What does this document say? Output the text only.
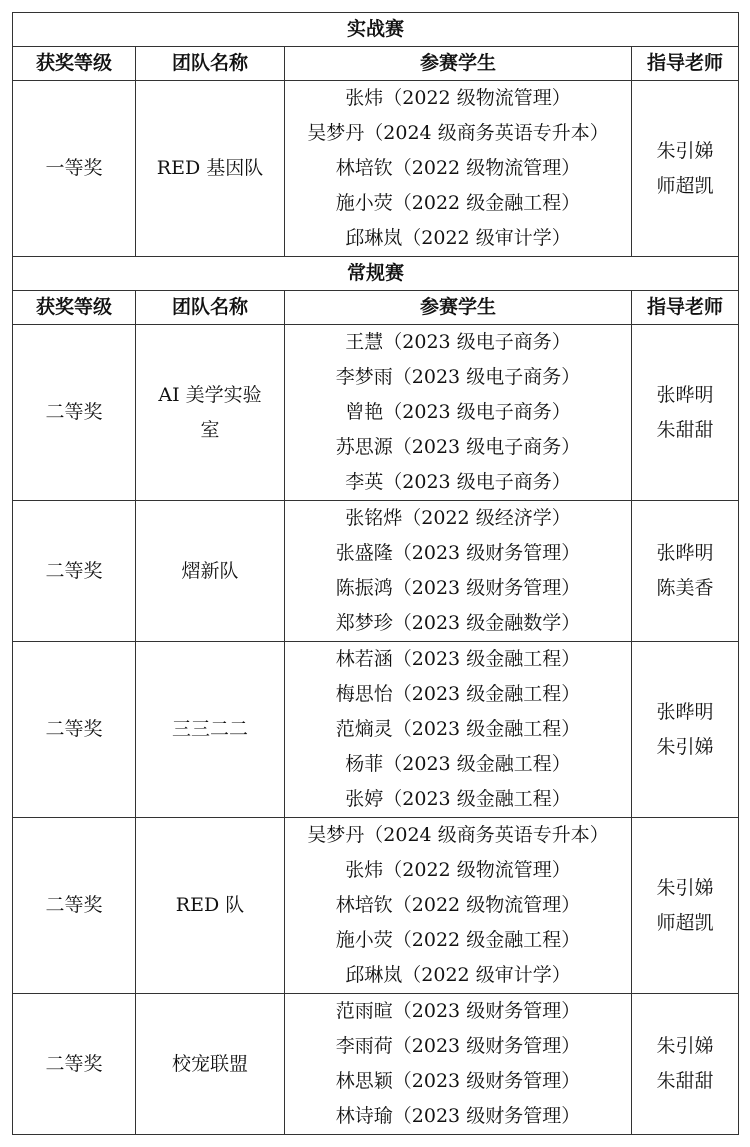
实战赛			
获奖等级	团队名称	参赛学生	指导老师
一等奖	RED 基因队	张炜（2022 级物流管理）
吴梦丹（2024 级商务英语专升本）
林培钦（2022 级物流管理）
施小荧（2022 级金融工程）
邱琳岚（2022 级审计学）	朱引娣
师超凯

常规赛			
获奖等级	团队名称	参赛学生	指导老师
二等奖	AI 美学实验室	王慧（2023 级电子商务）
李梦雨（2023 级电子商务）
曾艳（2023 级电子商务）
苏思源（2023 级电子商务）
李英（2023 级电子商务）	张晔明
朱甜甜

二等奖	熠新队	张铭烨（2022 级经济学）
张盛隆（2023 级财务管理）
陈振鸿（2023 级财务管理）
郑梦珍（2023 级金融数学）	张晔明
陈美香

二等奖	三三二二	林若涵（2023 级金融工程）
梅思怡（2023 级金融工程）
范熵灵（2023 级金融工程）
杨菲（2023 级金融工程）
张婷（2023 级金融工程）	张晔明
朱引娣

二等奖	RED 队	吴梦丹（2024 级商务英语专升本）
张炜（2022 级物流管理）
林培钦（2022 级物流管理）
施小荧（2022 级金融工程）
邱琳岚（2022 级审计学）	朱引娣
师超凯

二等奖	校宠联盟	范雨暄（2023 级财务管理）
李雨荷（2023 级财务管理）
林思颖（2023 级财务管理）
林诗瑜（2023 级财务管理）	朱引娣
朱甜甜
